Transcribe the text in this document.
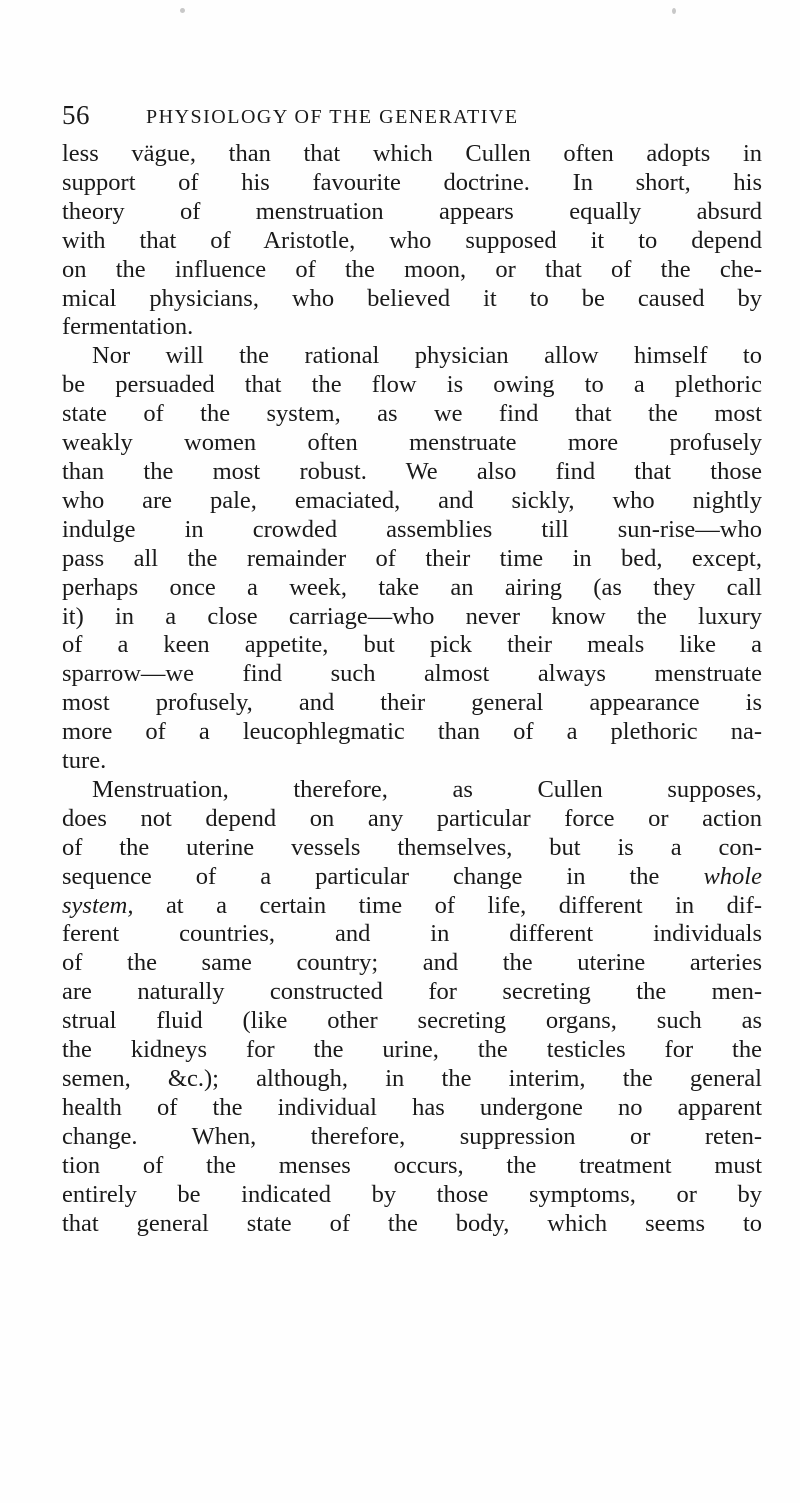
56	PHYSIOLOGY OF THE GENERATIVE
less vägue, than that which Cullen often adopts in
support of his favourite doctrine. In short, his
theory of menstruation appears equally absurd
with that of Aristotle, who supposed it to depend
on the influence of the moon, or that of the che-
mical physicians, who believed it to be caused by
fermentation.
Nor will the rational physician allow himself to
be persuaded that the flow is owing to a plethoric
state of the system, as we find that the most
weakly women often menstruate more profusely
than the most robust. We also find that those
who are pale, emaciated, and sickly, who nightly
indulge in crowded assemblies till sun-rise—who
pass all the remainder of their time in bed, except,
perhaps once a week, take an airing (as they call
it) in a close carriage—who never know the luxury
of a keen appetite, but pick their meals like a
sparrow—we find such almost always menstruate
most profusely, and their general appearance is
more of a leucophlegmatic than of a plethoric na-
ture.
Menstruation, therefore, as Cullen supposes,
does not depend on any particular force or action
of the uterine vessels themselves, but is a con-
sequence of a particular change in the whole
system, at a certain time of life, different in dif-
ferent countries, and in different individuals
of the same country; and the uterine arteries
are naturally constructed for secreting the men-
strual fluid (like other secreting organs, such as
the kidneys for the urine, the testicles for the
semen, &c.); although, in the interim, the general
health of the individual has undergone no apparent
change. When, therefore, suppression or reten-
tion of the menses occurs, the treatment must
entirely be indicated by those symptoms, or by
that general state of the body, which seems to
